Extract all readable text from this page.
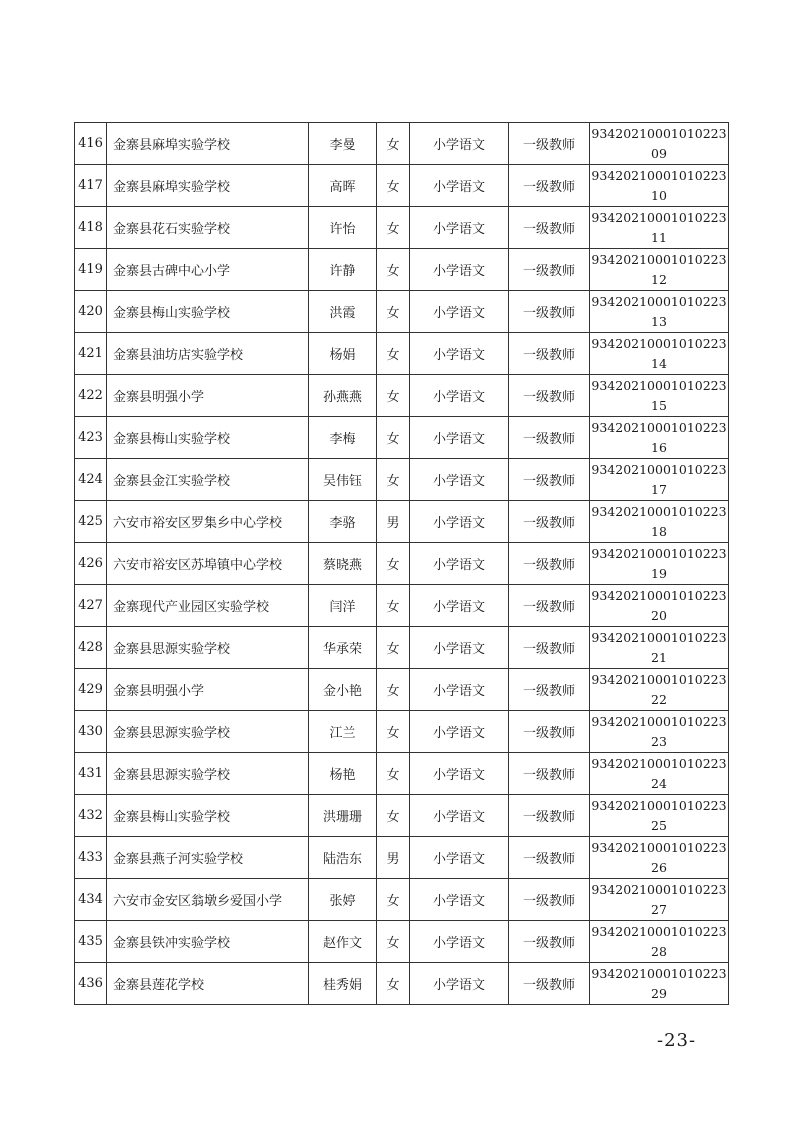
416	金寨县麻埠实验学校	李曼	女	小学语文	一级教师	9342021000101022309
417	金寨县麻埠实验学校	高晖	女	小学语文	一级教师	9342021000101022310
418	金寨县花石实验学校	许怡	女	小学语文	一级教师	9342021000101022311
419	金寨县古碑中心小学	许静	女	小学语文	一级教师	9342021000101022312
420	金寨县梅山实验学校	洪霞	女	小学语文	一级教师	9342021000101022313
421	金寨县油坊店实验学校	杨娟	女	小学语文	一级教师	9342021000101022314
422	金寨县明强小学	孙燕燕	女	小学语文	一级教师	9342021000101022315
423	金寨县梅山实验学校	李梅	女	小学语文	一级教师	9342021000101022316
424	金寨县金江实验学校	吴伟钰	女	小学语文	一级教师	9342021000101022317
425	六安市裕安区罗集乡中心学校	李骆	男	小学语文	一级教师	9342021000101022318
426	六安市裕安区苏埠镇中心学校	蔡晓燕	女	小学语文	一级教师	9342021000101022319
427	金寨现代产业园区实验学校	闫洋	女	小学语文	一级教师	9342021000101022320
428	金寨县思源实验学校	华承荣	女	小学语文	一级教师	9342021000101022321
429	金寨县明强小学	金小艳	女	小学语文	一级教师	9342021000101022322
430	金寨县思源实验学校	江兰	女	小学语文	一级教师	9342021000101022323
431	金寨县思源实验学校	杨艳	女	小学语文	一级教师	9342021000101022324
432	金寨县梅山实验学校	洪珊珊	女	小学语文	一级教师	9342021000101022325
433	金寨县燕子河实验学校	陆浩东	男	小学语文	一级教师	9342021000101022326
434	六安市金安区翁墩乡爱国小学	张婷	女	小学语文	一级教师	9342021000101022327
435	金寨县铁冲实验学校	赵作文	女	小学语文	一级教师	9342021000101022328
436	金寨县莲花学校	桂秀娟	女	小学语文	一级教师	9342021000101022329
-23-
